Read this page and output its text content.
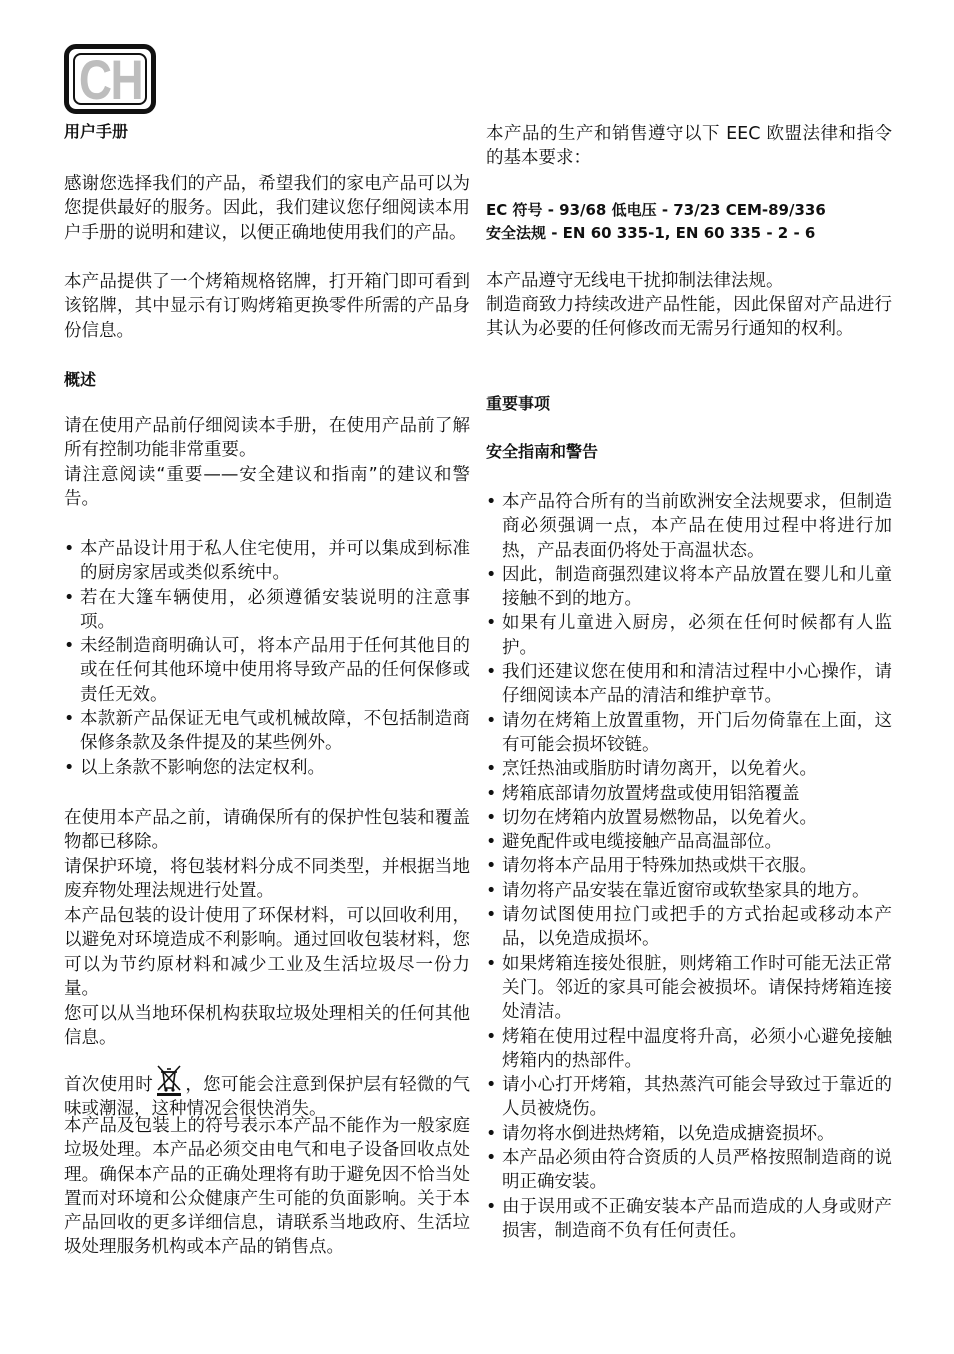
CH
用户手册
感谢您选择我们的产品，希望我们的家电产品可以为您提供最好的服务。因此，我们建议您仔细阅读本用户手册的说明和建议，以便正确地使用我们的产品。
本产品提供了一个烤箱规格铭牌，打开箱门即可看到该铭牌，其中显示有订购烤箱更换零件所需的产品身份信息。
概述
请在使用产品前仔细阅读本手册，在使用产品前了解所有控制功能非常重要。
请注意阅读“重要——安全建议和指南”的建议和警告。
• 本产品设计用于私人住宅使用，并可以集成到标准的厨房家居或类似系统中。
• 若在大篷车辆使用，必须遵循安装说明的注意事项。
• 未经制造商明确认可，将本产品用于任何其他目的或在任何其他环境中使用将导致产品的任何保修或责任无效。
• 本款新产品保证无电气或机械故障，不包括制造商保修条款及条件提及的某些例外。
• 以上条款不影响您的法定权利。
在使用本产品之前，请确保所有的保护性包装和覆盖物都已移除。
请保护环境，将包装材料分成不同类型，并根据当地废弃物处理法规进行处置。
本产品包装的设计使用了环保材料，可以回收利用，以避免对环境造成不利影响。通过回收包装材料，您可以为节约原材料和减少工业及生活垃圾尽一份力量。
您可以从当地环保机构获取垃圾处理相关的任何其他信息。
首次使用时 ，您可能会注意到保护层有轻微的气味或潮湿，这种情况会很快消失。
本产品及包装上的符号表示本产品不能作为一般家庭垃圾处理。本产品必须交由电气和电子设备回收点处理。确保本产品的正确处理将有助于避免因不恰当处置而对环境和公众健康产生可能的负面影响。关于本产品回收的更多详细信息，请联系当地政府、生活垃圾处理服务机构或本产品的销售点。
本产品的生产和销售遵守以下 EEC 欧盟法律和指令的基本要求：
EC 符号 - 93/68 低电压 - 73/23 CEM-89/336
安全法规 - EN 60 335-1, EN 60 335 - 2 - 6
本产品遵守无线电干扰抑制法律法规。
制造商致力持续改进产品性能，因此保留对产品进行其认为必要的任何修改而无需另行通知的权利。
重要事项
安全指南和警告
• 本产品符合所有的当前欧洲安全法规要求，但制造商必须强调一点，本产品在使用过程中将进行加热，产品表面仍将处于高温状态。
• 因此，制造商强烈建议将本产品放置在婴儿和儿童接触不到的地方。
• 如果有儿童进入厨房，必须在任何时候都有人监护。
• 我们还建议您在使用和和清洁过程中小心操作，请仔细阅读本产品的清洁和维护章节。
• 请勿在烤箱上放置重物，开门后勿倚靠在上面，这有可能会损坏铰链。
• 烹饪热油或脂肪时请勿离开，以免着火。
• 烤箱底部请勿放置烤盘或使用铝箔覆盖
• 切勿在烤箱内放置易燃物品，以免着火。
• 避免配件或电缆接触产品高温部位。
• 请勿将本产品用于特殊加热或烘干衣服。
• 请勿将产品安装在靠近窗帘或软垫家具的地方。
• 请勿试图使用拉门或把手的方式抬起或移动本产品，以免造成损坏。
• 如果烤箱连接处很脏，则烤箱工作时可能无法正常关门。邻近的家具可能会被损坏。请保持烤箱连接处清洁。
• 烤箱在使用过程中温度将升高，必须小心避免接触烤箱内的热部件。
• 请小心打开烤箱，其热蒸汽可能会导致过于靠近的人员被烧伤。
• 请勿将水倒进热烤箱，以免造成搪瓷损坏。
• 本产品必须由符合资质的人员严格按照制造商的说明正确安装。
• 由于误用或不正确安装本产品而造成的人身或财产损害，制造商不负有任何责任。
